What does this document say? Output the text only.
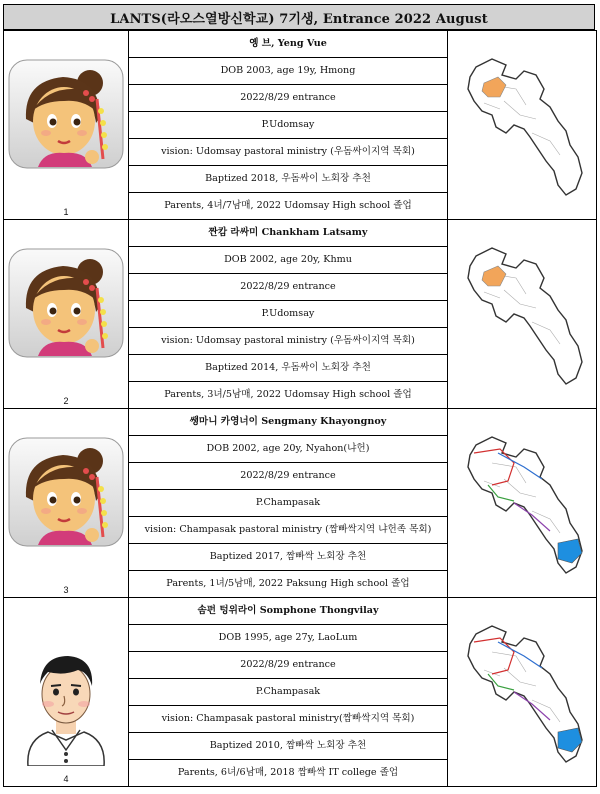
LANTS(라오스열방신학교) 7기생, Entrance 2022 August
1	옝 브, Yeng Vue	

	DOB 2003, age 19y, Hmong	
	2022/8/29 entrance	
	P.Udomsay	
	vision: Udomsay pastoral ministry (우돔싸이지역 목회)	
	Baptized 2018, 우돔싸이 노회장 추천	
	Parents, 4녀/7남매, 2022 Udomsay High school 졸업	

2	짠캄 라싸미 Chankham Latsamy	

	DOB 2002, age 20y, Khmu	
	2022/8/29 entrance	
	P.Udomsay	
	vision: Udomsay pastoral ministry (우돔싸이지역 목회)	
	Baptized 2014, 우돔싸이 노회장 추천	
	Parents, 3녀/5남매, 2022 Udomsay High school 졸업	

3	쌩마니 카영너이 Sengmany Khayongnoy	

	DOB 2002, age 20y, Nyahon(냐헌)	
	2022/8/29 entrance	
	P.Champasak	
	vision: Champasak pastoral ministry (짬빠싹지역 냐헌족 목회)	
	Baptized 2017, 짬빠싹 노회장 추천	
	Parents, 1녀/5남매, 2022 Paksung High school 졸업	

4	솜펀 텅위라이 Somphone Thongvilay	

	DOB 1995, age 27y, LaoLum	
	2022/8/29 entrance	
	P.Champasak	
	vision: Champasak pastoral ministry(짬빠싹지역 목회)	
	Baptized 2010, 짬빠싹 노회장 추천	
	Parents, 6녀/6남매, 2018 짬빠싹 IT college 졸업	
